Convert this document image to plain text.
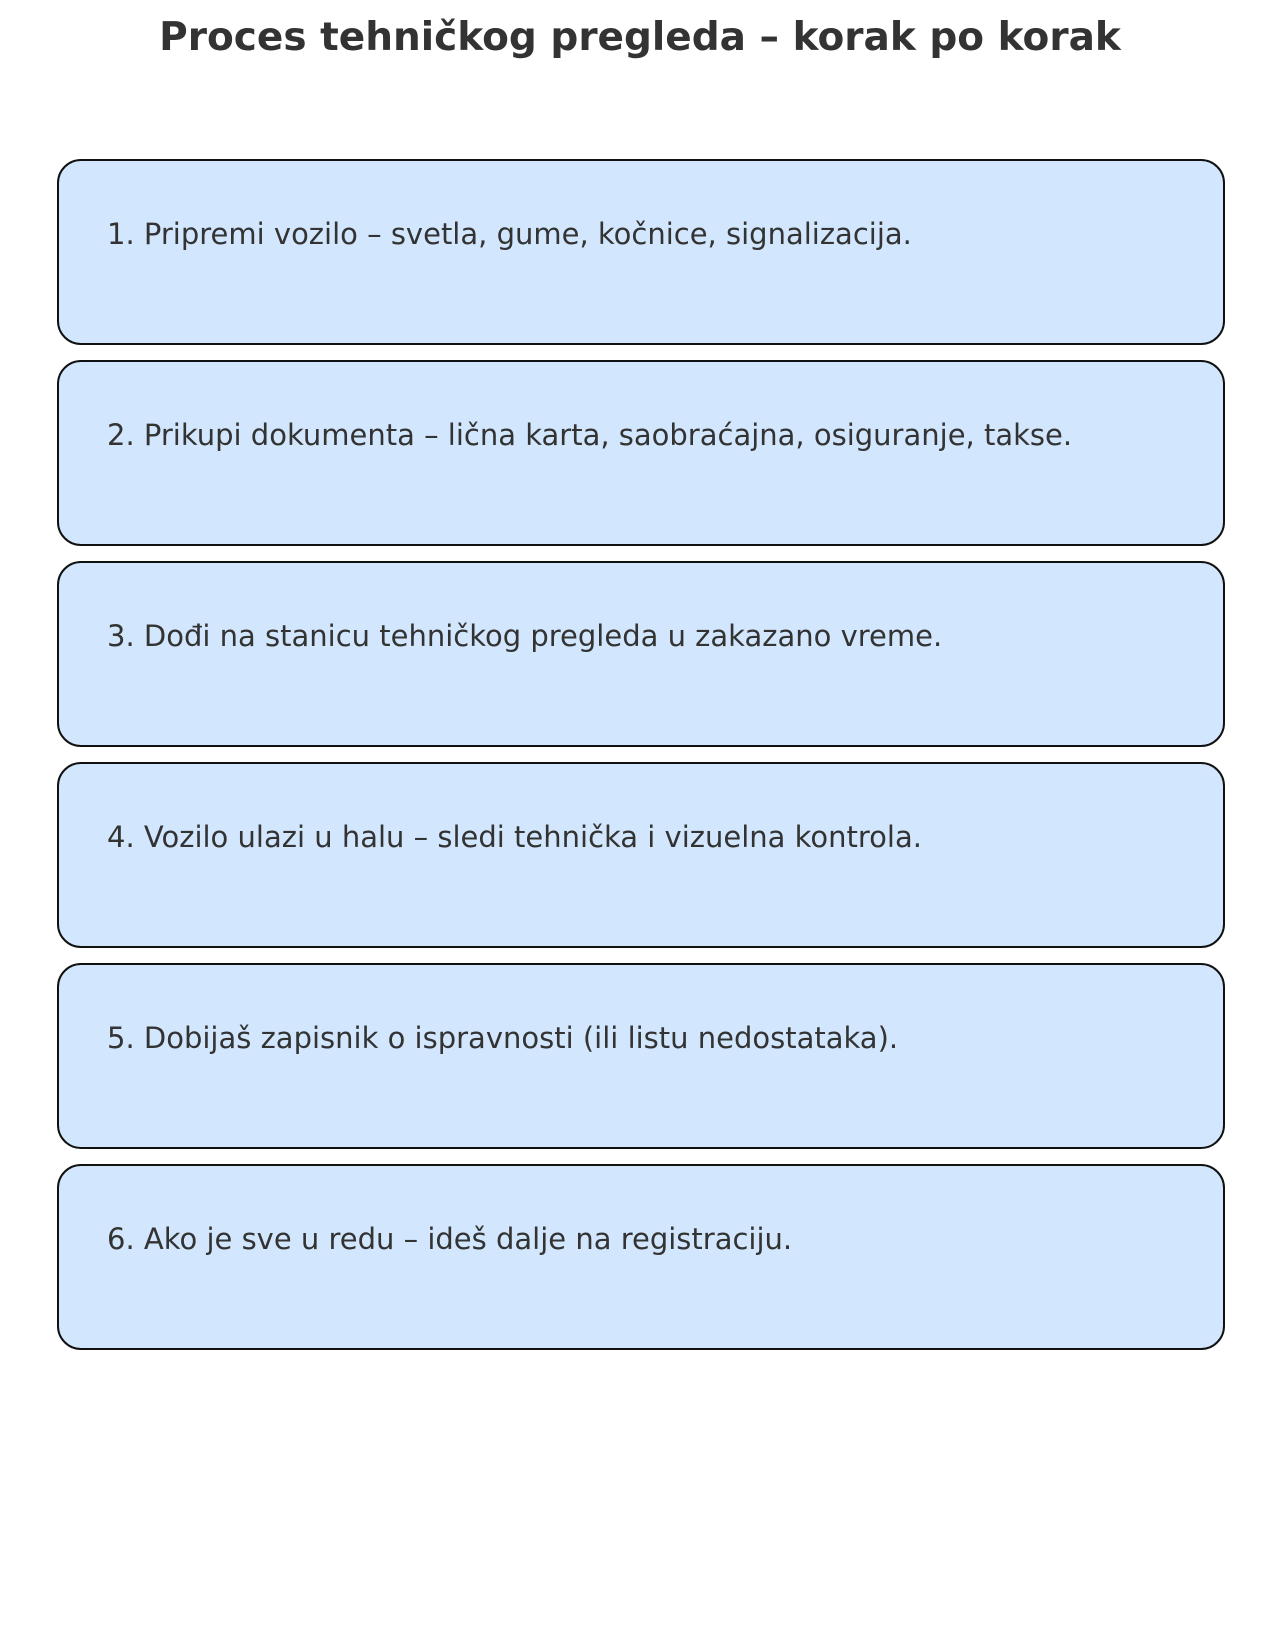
Proces tehničkog pregleda – korak po korak
1. Pripremi vozilo – svetla, gume, kočnice, signalizacija.
2. Prikupi dokumenta – lična karta, saobraćajna, osiguranje, takse.
3. Dođi na stanicu tehničkog pregleda u zakazano vreme.
4. Vozilo ulazi u halu – sledi tehnička i vizuelna kontrola.
5. Dobijaš zapisnik o ispravnosti (ili listu nedostataka).
6. Ako je sve u redu – ideš dalje na registraciju.
